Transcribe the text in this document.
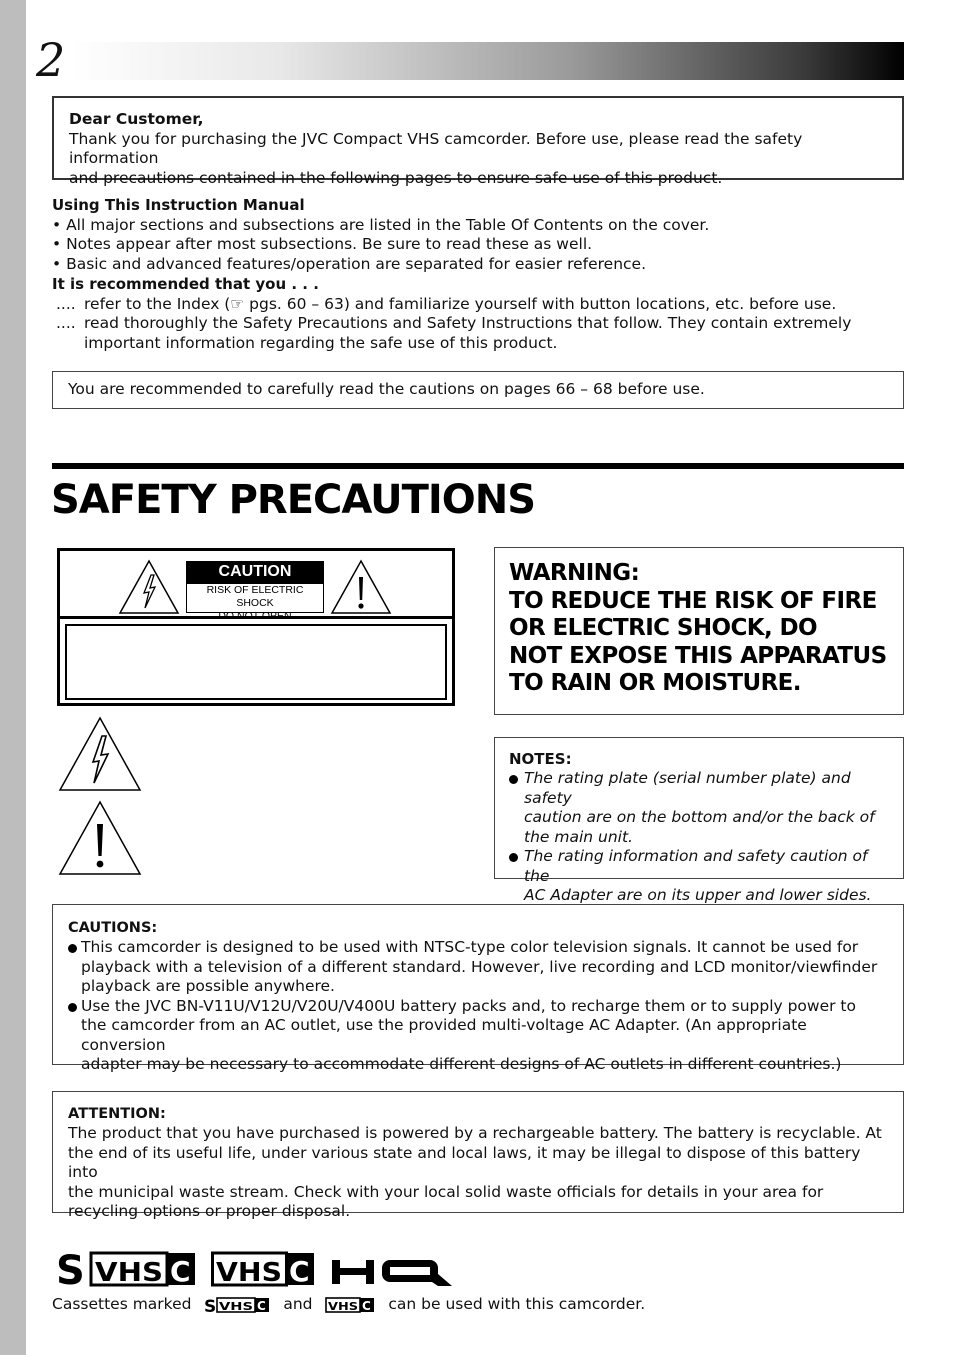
2
Dear Customer,
Thank you for purchasing the JVC Compact VHS camcorder. Before use, please read the safety information
and precautions contained in the following pages to ensure safe use of this product.
Using This Instruction Manual
• All major sections and subsections are listed in the Table Of Contents on the cover.
• Notes appear after most subsections. Be sure to read these as well.
• Basic and advanced features/operation are separated for easier reference.
It is recommended that you . . .
.... refer to the Index (☞ pgs. 60 – 63) and familiarize yourself with button locations, etc. before use.
.... read thoroughly the Safety Precautions and Safety Instructions that follow. They contain extremely
important information regarding the safe use of this product.
You are recommended to carefully read the cautions on pages 66 – 68 before use.
SAFETY PRECAUTIONS
CAUTION
RISK OF ELECTRIC SHOCK
DO NOT OPEN
WARNING:
TO REDUCE THE RISK OF FIRE
OR ELECTRIC SHOCK, DO
NOT EXPOSE THIS APPARATUS
TO RAIN OR MOISTURE.
NOTES:
The rating plate (serial number plate) and safety
caution are on the bottom and/or the back of
the main unit.
The rating information and safety caution of the
AC Adapter are on its upper and lower sides.
CAUTIONS:
This camcorder is designed to be used with NTSC-type color television signals. It cannot be used for
playback with a television of a different standard. However, live recording and LCD monitor/viewfinder
playback are possible anywhere.
Use the JVC BN-V11U/V12U/V20U/V400U battery packs and, to recharge them or to supply power to
the camcorder from an AC outlet, use the provided multi-voltage AC Adapter. (An appropriate conversion
adapter may be necessary to accommodate different designs of AC outlets in different countries.)
ATTENTION:
The product that you have purchased is powered by a rechargeable battery. The battery is recyclable. At
the end of its useful life, under various state and local laws, it may be illegal to dispose of this battery into
the municipal waste stream. Check with your local solid waste officials for details in your area for
recycling options or proper disposal.
S VHS C VHS C
Cassettes marked S VHS C and VHS C can be used with this camcorder.
